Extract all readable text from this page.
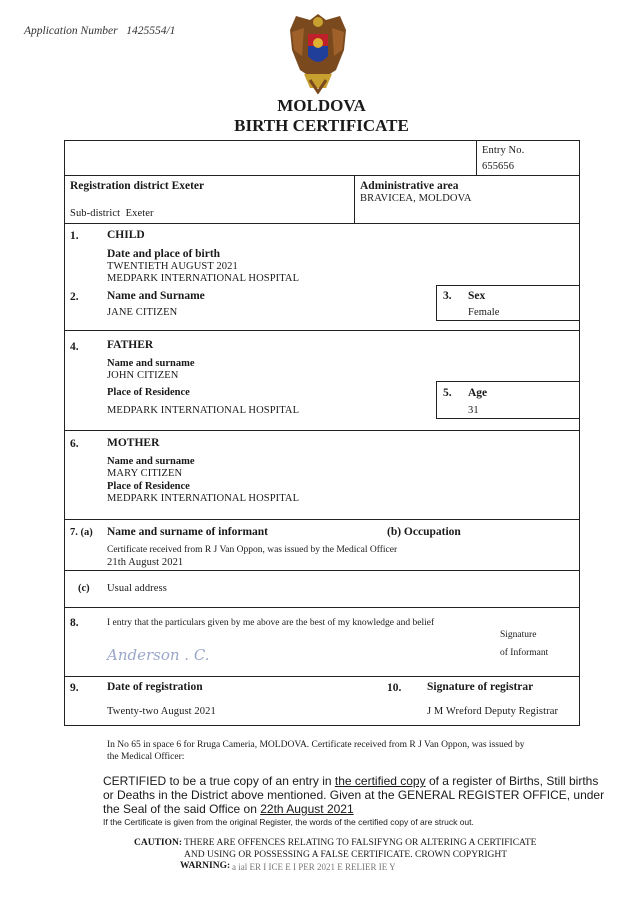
Application Number 1425554/1
MOLDOVA
BIRTH CERTIFICATE
Entry No.
655656
Registration district Exeter
Sub-district Exeter
Administrative area
BRAVICEA, MOLDOVA
1. CHILD
Date and place of birth
TWENTIETH AUGUST 2021
MEDPARK INTERNATIONAL HOSPITAL
2. Name and Surname
JANE CITIZEN
3. Sex
Female
4. FATHER
Name and surname
JOHN CITIZEN
Place of Residence
MEDPARK INTERNATIONAL HOSPITAL
5. Age
31
6. MOTHER
Name and surname
MARY CITIZEN
Place of Residence
MEDPARK INTERNATIONAL HOSPITAL
7. (a) Name and surname of informant	(b) Occupation
Certificate received from R J Van Oppon, was issued by the Medical Officer
21th August 2021
(c) Usual address
8.	I entry that the particulars given by me above are the best of my knowledge and belief
Anderson . C.
Signature
of Informant
9. Date of registration
Twenty-two August 2021
10. Signature of registrar
J M Wreford Deputy Registrar
In No 65 in space 6 for Rruga Cameria, MOLDOVA. Certificate received from R J Van Oppon, was issued by
the Medical Officer:
CERTIFIED to be a true copy of an entry in the certified copy of a register of Births, Still births
or Deaths in the District above mentioned. Given at the GENERAL REGISTER OFFICE, under
the Seal of the said Office on 22th August 2021
If the Certificate is given from the original Register, the words of the certified copy of are struck out.
CAUTION: THERE ARE OFFENCES RELATING TO FALSIFYNG OR ALTERING A CERTIFICATE
AND USING OR POSSESSING A FALSE CERTIFICATE. CROWN COPYRIGHT
WARNING: a ial ER I ICE E I PER 2021 E RELIER IE Y
